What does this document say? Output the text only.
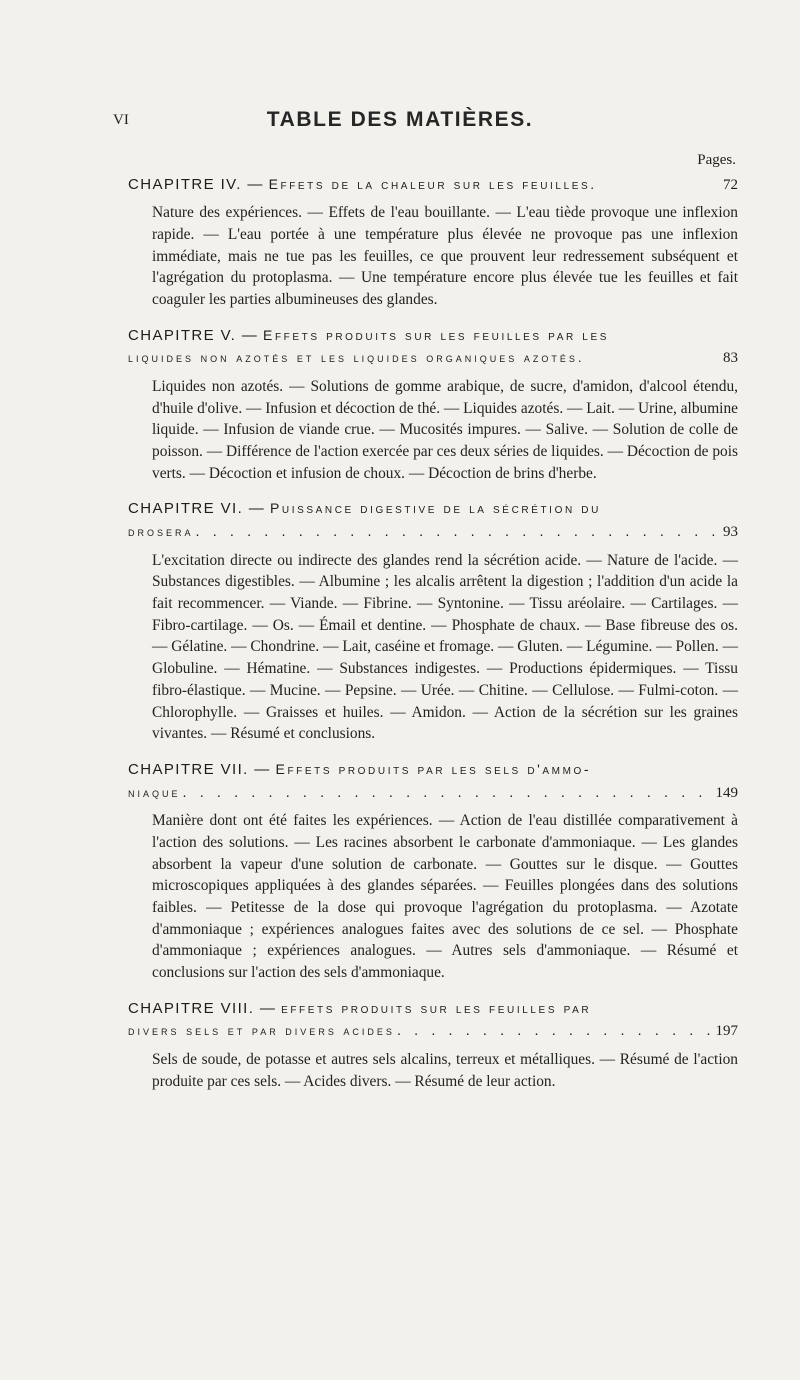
VI	TABLE DES MATIÈRES.
Pages.
CHAPITRE IV. — Effets de la chaleur sur les feuilles.	72
Nature des expériences. — Effets de l'eau bouillante. — L'eau tiède provoque une inflexion rapide. — L'eau portée à une température plus élevée ne provoque pas une inflexion immédiate, mais ne tue pas les feuilles, ce que prouvent leur redressement subséquent et l'agrégation du protoplasma. — Une température encore plus élevée tue les feuilles et fait coaguler les parties albumineuses des glandes.
CHAPITRE V. — Effets produits sur les feuilles par les
liquides non azotés et les liquides organiques azotés.	83
Liquides non azotés. — Solutions de gomme arabique, de sucre, d'amidon, d'alcool étendu, d'huile d'olive. — Infusion et décoction de thé. — Liquides azotés. — Lait. — Urine, albumine liquide. — Infusion de viande crue. — Mucosités impures. — Salive. — Solution de colle de poisson. — Différence de l'action exercée par ces deux séries de liquides. — Décoction de pois verts. — Décoction et infusion de choux. — Décoction de brins d'herbe.
CHAPITRE VI. — Puissance digestive de la sécrétion du
drosera . . .	93
L'excitation directe ou indirecte des glandes rend la sécrétion acide. — Nature de l'acide. — Substances digestibles. — Albumine ; les alcalis arrêtent la digestion ; l'addition d'un acide la fait recommencer. — Viande. — Fibrine. — Syntonine. — Tissu aréolaire. — Cartilages. — Fibro-cartilage. — Os. — Émail et dentine. — Phosphate de chaux. — Base fibreuse des os. — Gélatine. — Chondrine. — Lait, caséine et fromage. — Gluten. — Légumine. — Pollen. — Globuline. — Hématine. — Substances indigestes. — Productions épidermiques. — Tissu fibro-élastique. — Mucine. — Pepsine. — Urée. — Chitine. — Cellulose. — Fulmi-coton. — Chlorophylle. — Graisses et huiles. — Amidon. — Action de la sécrétion sur les graines vivantes. — Résumé et conclusions.
CHAPITRE VII. — Effets produits par les sels d'ammo-
niaque . . .	149
Manière dont ont été faites les expériences. — Action de l'eau distillée comparativement à l'action des solutions. — Les racines absorbent le carbonate d'ammoniaque. — Les glandes absorbent la vapeur d'une solution de carbonate. — Gouttes sur le disque. — Gouttes microscopiques appliquées à des glandes séparées. — Feuilles plongées dans des solutions faibles. — Petitesse de la dose qui provoque l'agrégation du protoplasma. — Azotate d'ammoniaque ; expériences analogues faites avec des solutions de ce sel. — Phosphate d'ammoniaque ; expériences analogues. — Autres sels d'ammoniaque. — Résumé et conclusions sur l'action des sels d'ammoniaque.
CHAPITRE VIII. — effets produits sur les feuilles par
divers sels et par divers acides . . .	197
Sels de soude, de potasse et autres sels alcalins, terreux et métalliques. — Résumé de l'action produite par ces sels. — Acides divers. — Résumé de leur action.
